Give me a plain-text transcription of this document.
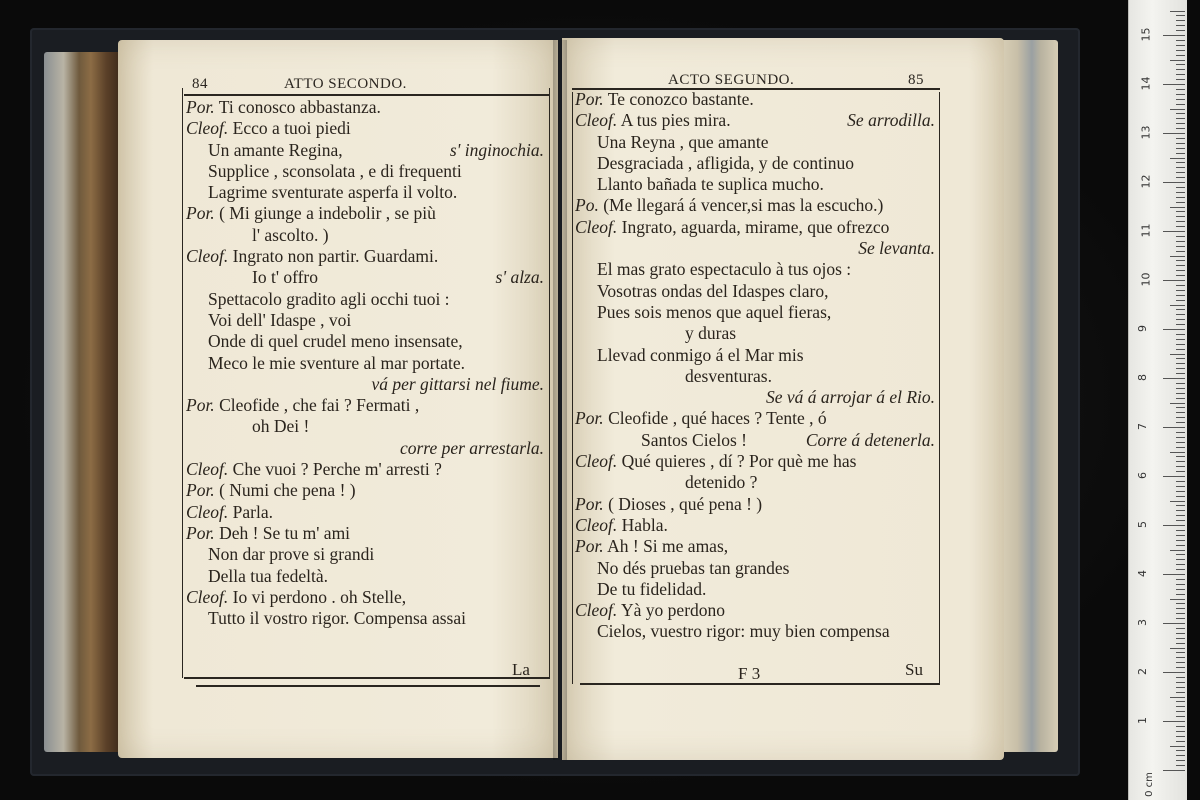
84	ATTO SECONDO.
Por. Ti conosco abbastanza.
Cleof. Ecco a tuoi piedi
Un amante Regina,	s' inginochia.
Supplice , sconsolata , e di frequenti
Lagrime sventurate asperfa il volto.
Por. ( Mi giunge a indebolir , se più
l' ascolto. )
Cleof. Ingrato non partir. Guardami.
Io t' offro	s' alza.
Spettacolo gradito agli occhi tuoi :
Voi dell' Idaspe , voi
Onde di quel crudel meno insensate,
Meco le mie sventure al mar portate.
vá per gittarsi nel fiume.
Por. Cleofide , che fai ? Fermati ,
oh Dei !
corre per arrestarla.
Cleof. Che vuoi ? Perche m' arresti ?
Por. ( Numi che pena ! )
Cleof. Parla.
Por. Deh ! Se tu m' ami
Non dar prove si grandi
Della tua fedeltà.
Cleof. Io vi perdono . oh Stelle,
Tutto il vostro rigor. Compensa assai
La
ACTO SEGUNDO.	85
Por. Te conozco bastante.
Cleof. A tus pies mira.	Se arrodilla.
Una Reyna , que amante
Desgraciada , afligida, y de continuo
Llanto bañada te suplica mucho.
Po. (Me llegará á vencer,si mas la escucho.)
Cleof. Ingrato, aguarda, mirame, que ofrezco
Se levanta.
El mas grato espectaculo à tus ojos :
Vosotras ondas del Idaspes claro,
Pues sois menos que aquel fieras,
y duras
Llevad conmigo á el Mar mis
desventuras.
Se vá á arrojar á el Rio.
Por. Cleofide , qué haces ? Tente , ó
Santos Cielos !	Corre á detenerla.
Cleof. Qué quieres , dí ? Por què me has
detenido ?
Por. ( Dioses , qué pena ! )
Cleof. Habla.
Por. Ah ! Si me amas,
No dés pruebas tan grandes
De tu fidelidad.
Cleof. Yà yo perdono
Cielos, vuestro rigor: muy bien compensa
F 3	Su
0 cm
1
2
3
4
5
6
7
8
9
10
11
12
13
14
15
